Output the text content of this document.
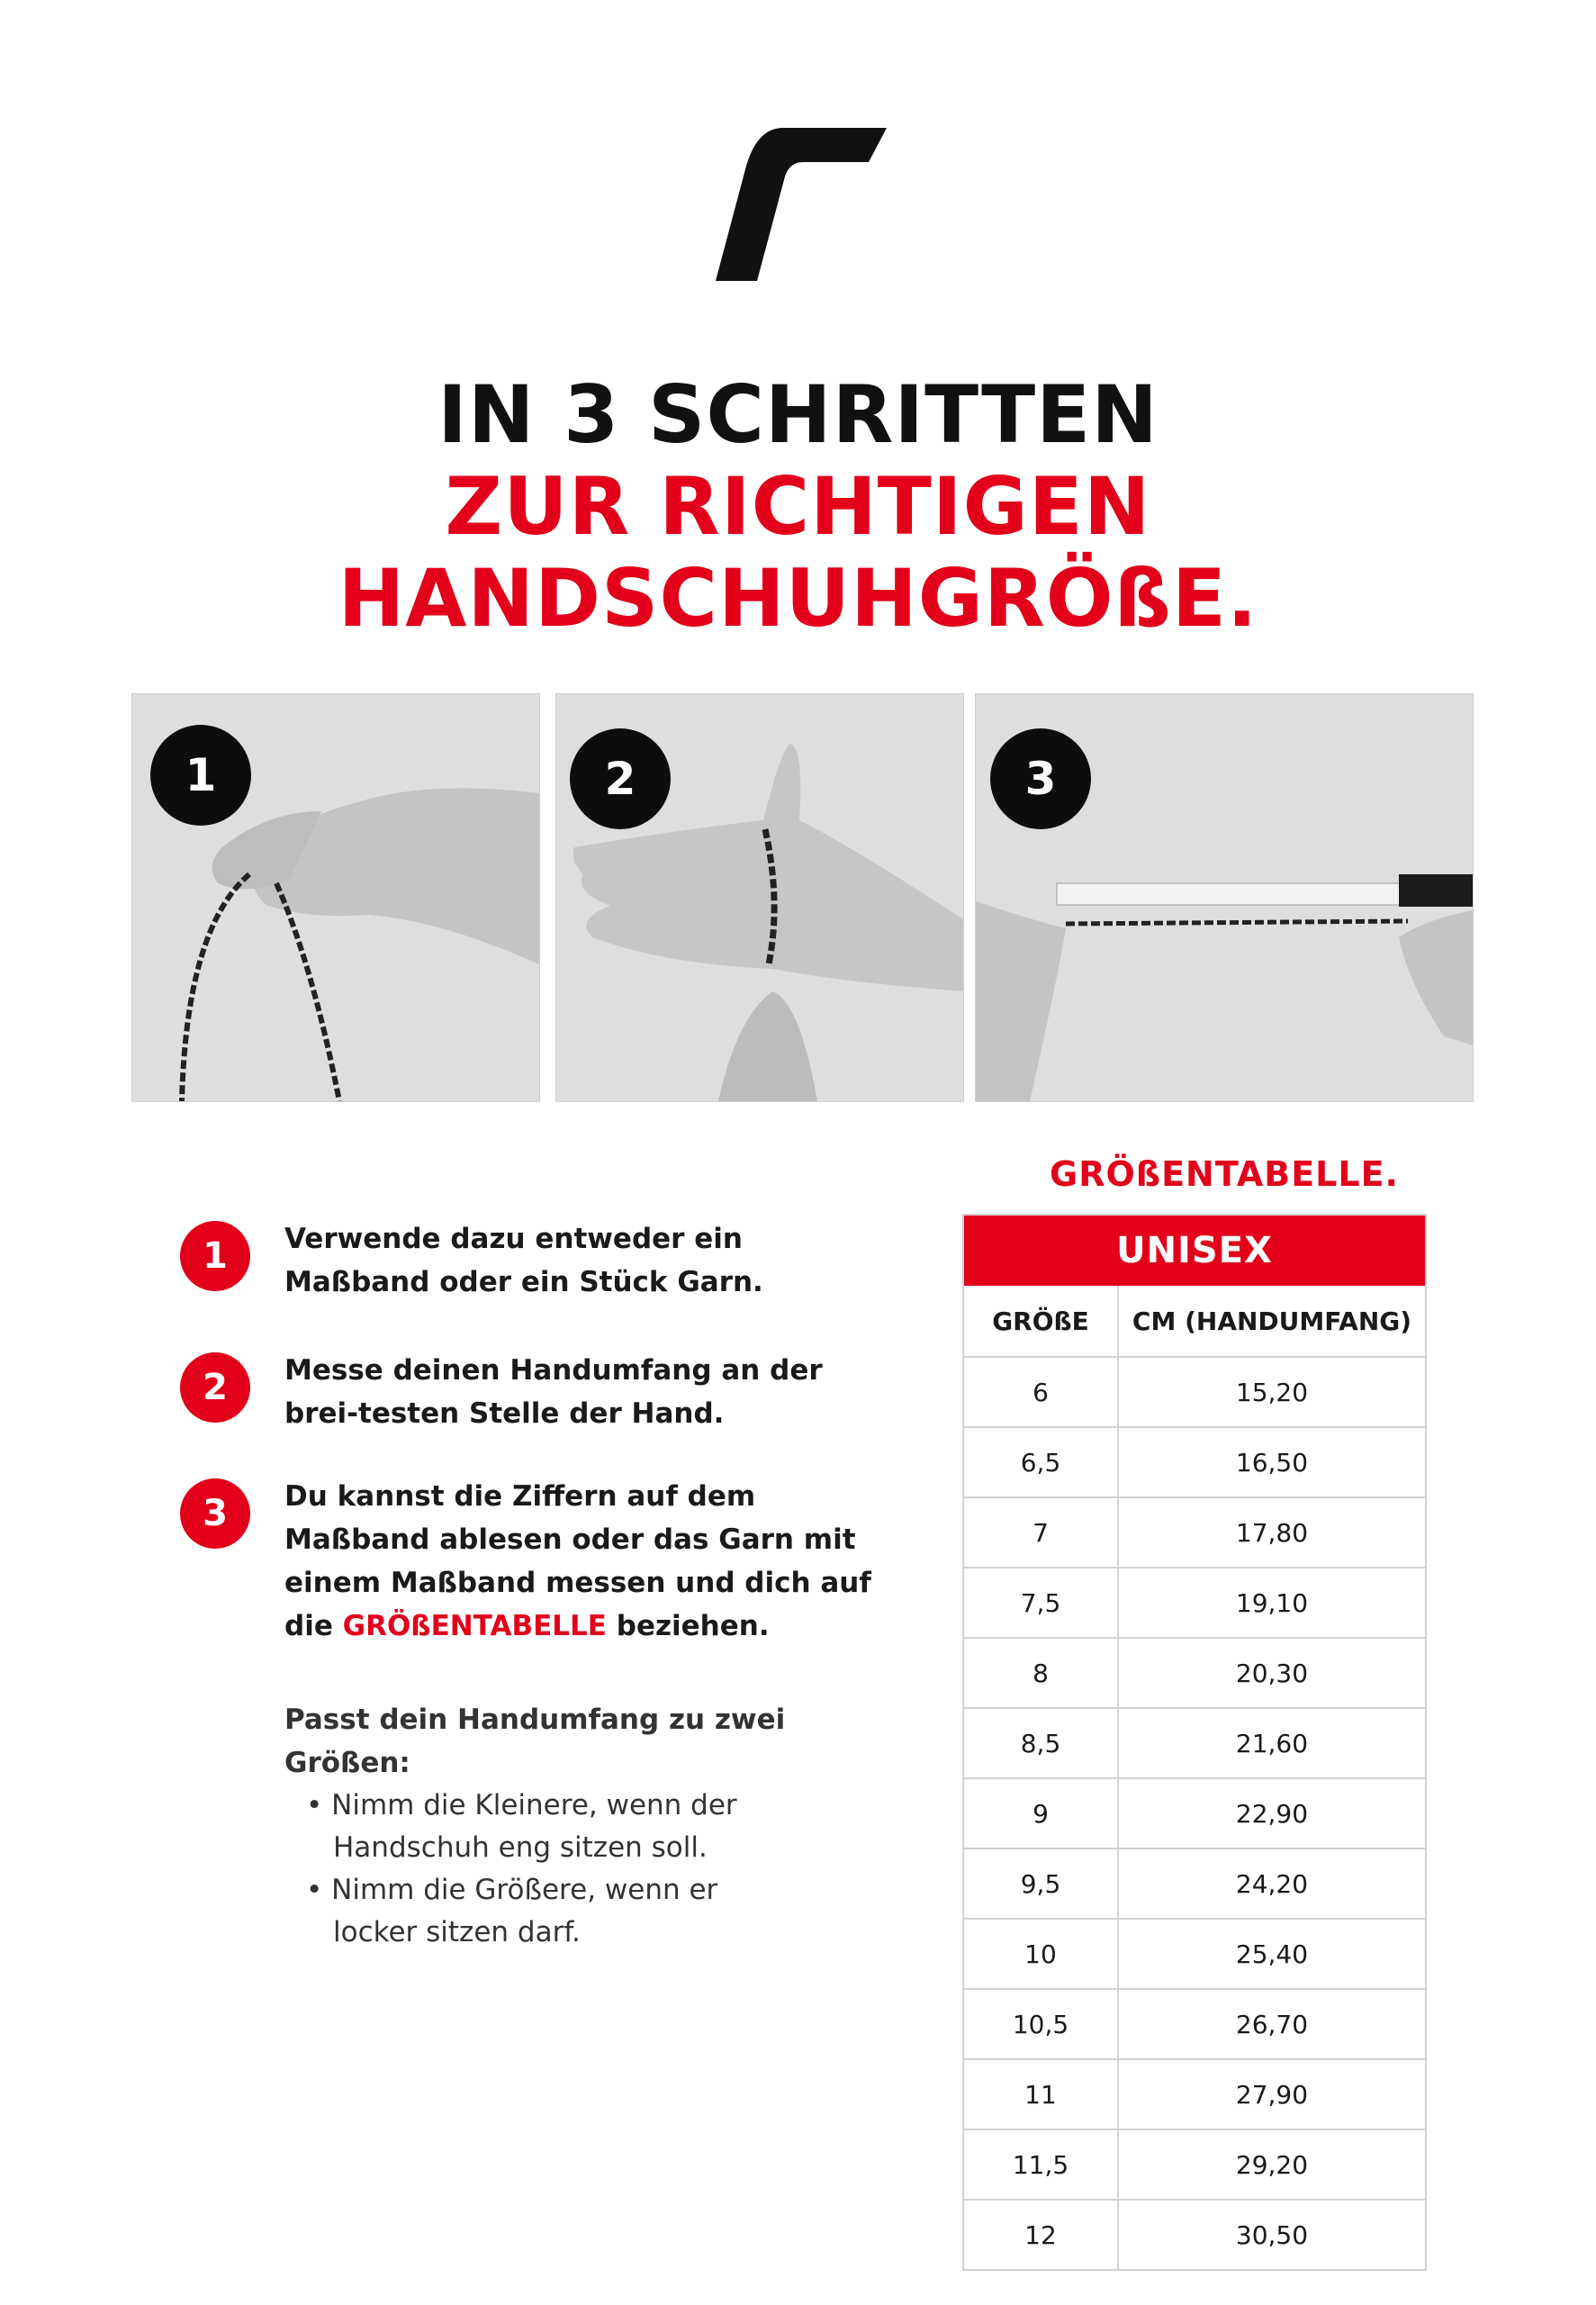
IN 3 SCHRITTEN
ZUR RICHTIGEN
HANDSCHUHGRÖßE.
1	2	3
1	Verwende dazu entweder ein Maßband oder ein Stück Garn.
2	Messe deinen Handumfang an der brei-testen Stelle der Hand.
3	Du kannst die Ziffern auf dem Maßband ablesen oder das Garn mit einem Maßband messen und dich auf die GRÖßENTABELLE beziehen.
Passt dein Handumfang zu zwei Größen:
• Nimm die Kleinere, wenn der
Handschuh eng sitzen soll.
• Nimm die Größere, wenn er
locker sitzen darf.
GRÖßENTABELLE.
UNISEX	
GRÖßE	CM (HANDUMFANG)
6	15,20
6,5	16,50
7	17,80
7,5	19,10
8	20,30
8,5	21,60
9	22,90
9,5	24,20
10	25,40
10,5	26,70
11	27,90
11,5	29,20
12	30,50
